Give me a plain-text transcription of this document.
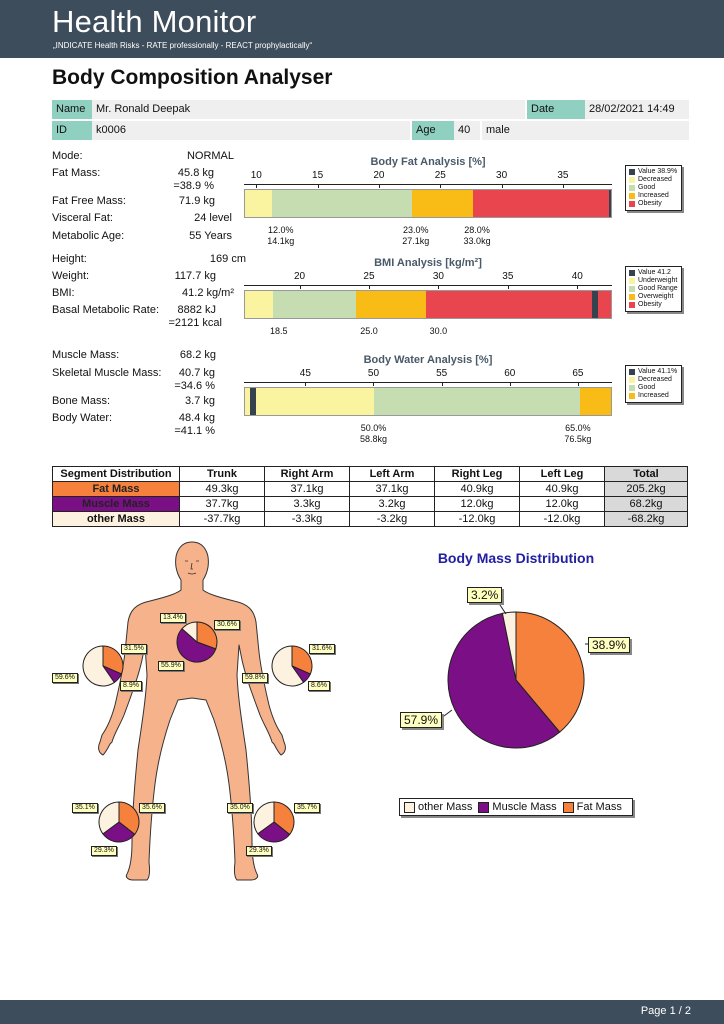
Health Monitor
„INDICATE Health Risks - RATE professionally - REACT prophylactically“
Body Composition Analyser
Name Mr. Ronald Deepak	Date	28/02/2021 14:49
ID	k0006	Age	40	male
Mode:	NORMAL
Fat Mass:	45.8 kg
=38.9 %
Fat Free Mass:	71.9 kg
Visceral Fat:	24 level
Metabolic Age:	55 Years
Height:	169 cm
Weight:	117.7 kg
BMI:	41.2 kg/m²
Basal Metabolic Rate: 8882 kJ
=2121 kcal
Muscle Mass:	68.2 kg
Skeletal Muscle Mass: 40.7 kg
=34.6 %
Bone Mass:	3.7 kg
Body Water:	48.4 kg
=41.1 %
Body Fat Analysis [%]
10	15	20	25	30	35
12.0%
14.1kg
23.0%
27.1kg
28.0%
33.0kg
Value 38.9%
Decreased
Good
Increased
Obesity
BMI Analysis [kg/m²]
20	25	30	35	40
18.5	25.0	30.0
Value 41.2
Underweight
Good Range
Overweight
Obesity
Body Water Analysis [%]
45	50	55	60	65
50.0%
58.8kg
65.0%
76.5kg
Value 41.1%
Decreased
Good
Increased
Segment Distribution	Trunk	Right Arm	Left Arm	Right Leg	Left Leg	Total
Fat Mass	49.3kg	37.1kg	37.1kg	40.9kg	40.9kg	205.2kg
Muscle Mass	37.7kg	3.3kg	3.2kg	12.0kg	12.0kg	68.2kg
other Mass	-37.7kg	-3.3kg	-3.2kg	-12.0kg	-12.0kg	-68.2kg
13.4%
30.6%
55.9%
31.5%
59.6%
8.9%
31.6%
59.8%
8.6%
35.1%	35.6%
29.3%
35.0%	35.7%
29.3%
Body Mass Distribution
3.2%
57.9%
38.9%
other Mass Muscle Mass Fat Mass
Page 1 / 2
